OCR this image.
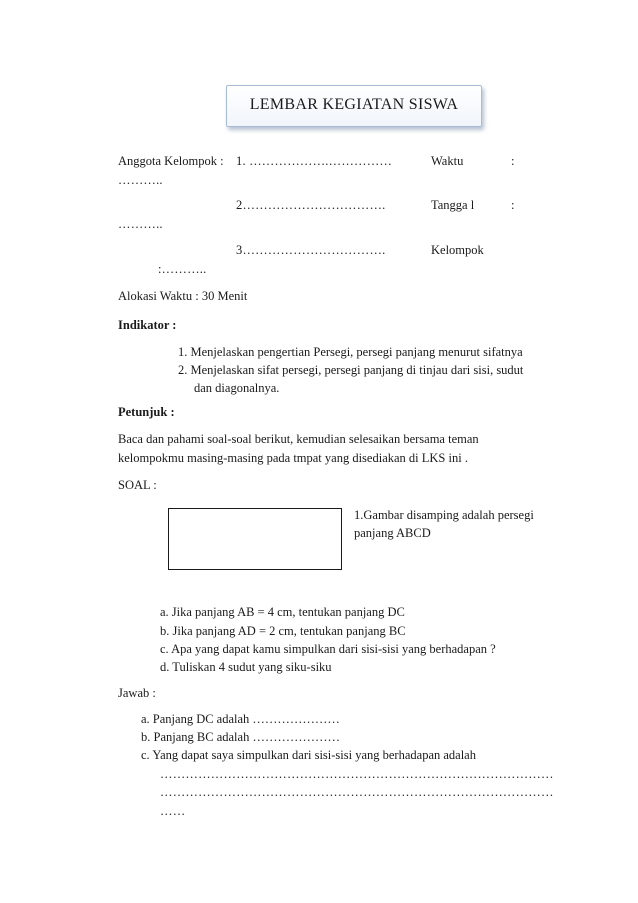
LEMBAR KEGIATAN SISWA
Anggota Kelompok : 1. ……………….……………	Waktu	:
………..
2…………………………….	Tangga l	:
………..
3…………………………….	Kelompok
:………..
Alokasi Waktu : 30 Menit
Indikator :
1. Menjelaskan pengertian Persegi, persegi panjang menurut sifatnya
2. Menjelaskan sifat persegi, persegi panjang di tinjau dari sisi, sudut
dan diagonalnya.
Petunjuk :
Baca dan pahami soal-soal berikut, kemudian selesaikan bersama teman
kelompokmu masing-masing pada tmpat yang disediakan di LKS ini .
SOAL :
1.Gambar disamping adalah persegi
panjang ABCD
a. Jika panjang AB = 4 cm, tentukan panjang DC
b. Jika panjang AD = 2 cm, tentukan panjang BC
c. Apa yang dapat kamu simpulkan dari sisi-sisi yang berhadapan ?
d. Tuliskan 4 sudut yang siku-siku
Jawab :
a. Panjang DC adalah …………………
b. Panjang BC adalah …………………
c. Yang dapat saya simpulkan dari sisi-sisi yang berhadapan adalah
…………………………………………………………………………………
…………………………………………………………………………………
……
